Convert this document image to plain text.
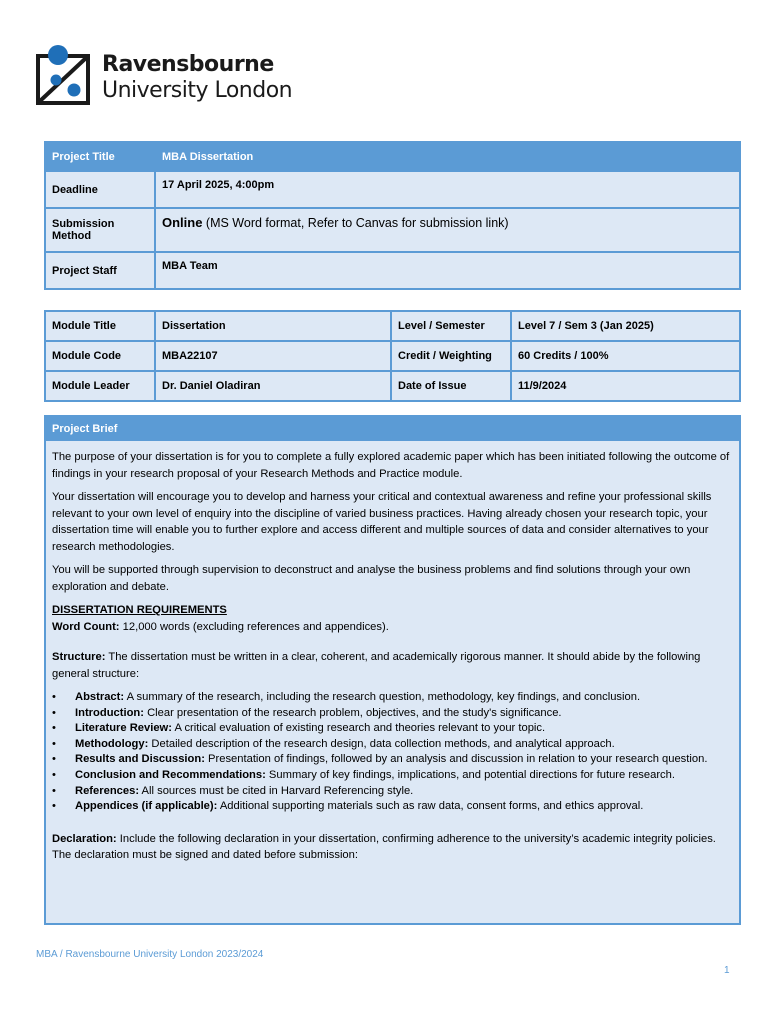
Ravensbourne
University London
Project Title	MBA Dissertation
Deadline	17 April 2025, 4:00pm
Submission Method	Online (MS Word format, Refer to Canvas for submission link)
Project Staff	MBA Team
Module Title	Dissertation	Level / Semester	Level 7 / Sem 3 (Jan 2025)
Module Code	MBA22107	Credit / Weighting	60 Credits / 100%
Module Leader	Dr. Daniel Oladiran	Date of Issue	11/9/2024
Project Brief

The purpose of your dissertation is for you to complete a fully explored academic paper which has been initiated following the outcome of findings in your research proposal of your Research Methods and Practice module.

Your dissertation will encourage you to develop and harness your critical and contextual awareness and refine your professional skills relevant to your own level of enquiry into the discipline of varied business practices. Having already chosen your research topic, your dissertation time will enable you to further explore and access different and multiple sources of data and consider alternatives to your research methodologies.

You will be supported through supervision to deconstruct and analyse the business problems and find solutions through your own exploration and debate.

DISSERTATION REQUIREMENTS
Word Count: 12,000 words (excluding references and appendices).
Structure: The dissertation must be written in a clear, coherent, and academically rigorous manner. It should abide by the following general structure:
• Abstract: A summary of the research, including the research question, methodology, key findings, and conclusion.
• Introduction: Clear presentation of the research problem, objectives, and the study's significance.
• Literature Review: A critical evaluation of existing research and theories relevant to your topic.
• Methodology: Detailed description of the research design, data collection methods, and analytical approach.
• Results and Discussion: Presentation of findings, followed by an analysis and discussion in relation to your research question.
• Conclusion and Recommendations: Summary of key findings, implications, and potential directions for future research.
• References: All sources must be cited in Harvard Referencing style.
• Appendices (if applicable): Additional supporting materials such as raw data, consent forms, and ethics approval.
Declaration: Include the following declaration in your dissertation, confirming adherence to the university’s academic integrity policies. The declaration must be signed and dated before submission:
MBA / Ravensbourne University London 2023/2024
1
